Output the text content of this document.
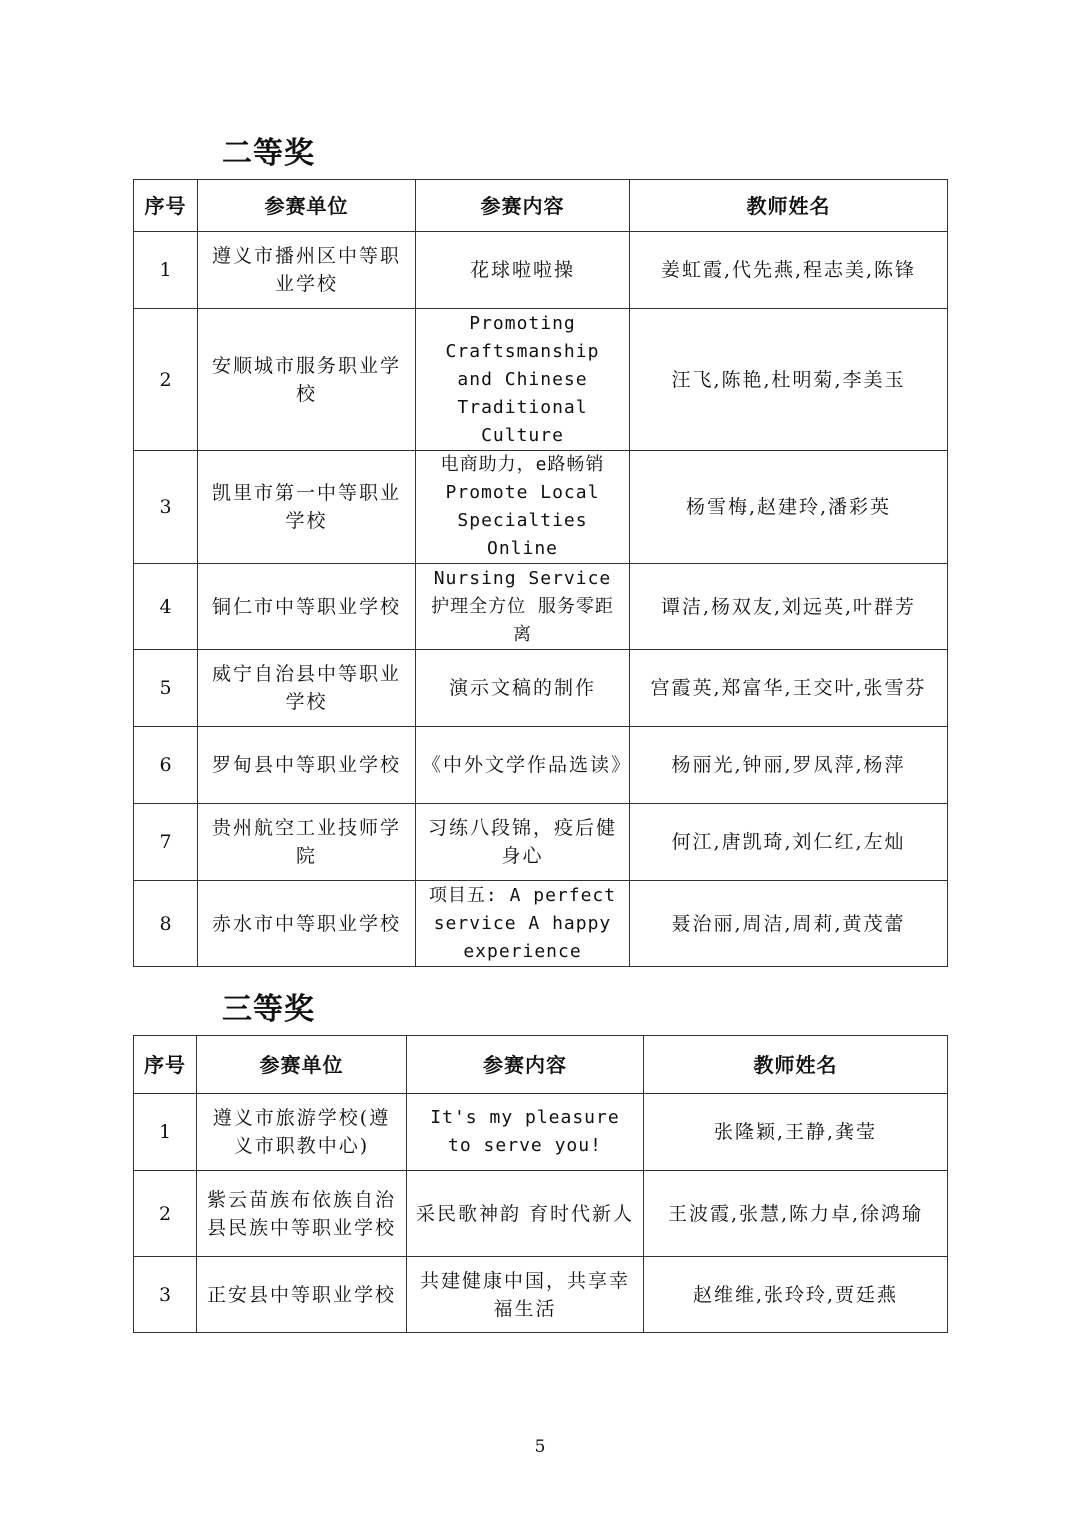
二等奖
序号	参赛单位	参赛内容	教师姓名
1	遵义市播州区中等职业学校	花球啦啦操	姜虹霞,代先燕,程志美,陈锋
2	安顺城市服务职业学校	Promoting Craftsmanship and Chinese Traditional Culture	汪飞,陈艳,杜明菊,李美玉
3	凯里市第一中等职业学校	电商助力，e路畅销 Promote Local Specialties Online	杨雪梅,赵建玲,潘彩英
4	铜仁市中等职业学校	Nursing Service 护理全方位 服务零距离	谭洁,杨双友,刘远英,叶群芳
5	威宁自治县中等职业学校	演示文稿的制作	宫霞英,郑富华,王交叶,张雪芬
6	罗甸县中等职业学校	《中外文学作品选读》	杨丽光,钟丽,罗凤萍,杨萍
7	贵州航空工业技师学院	习练八段锦，疫后健身心	何江,唐凯琦,刘仁红,左灿
8	赤水市中等职业学校	项目五: A perfect service A happy experience	聂治丽,周洁,周莉,黄茂蕾
三等奖
序号	参赛单位	参赛内容	教师姓名
1	遵义市旅游学校(遵义市职教中心)	It's my pleasure to serve you!	张隆颖,王静,龚莹
2	紫云苗族布依族自治县民族中等职业学校	采民歌神韵 育时代新人	王波霞,张慧,陈力卓,徐鸿瑜
3	正安县中等职业学校	共建健康中国，共享幸福生活	赵维维,张玲玲,贾廷燕
5
